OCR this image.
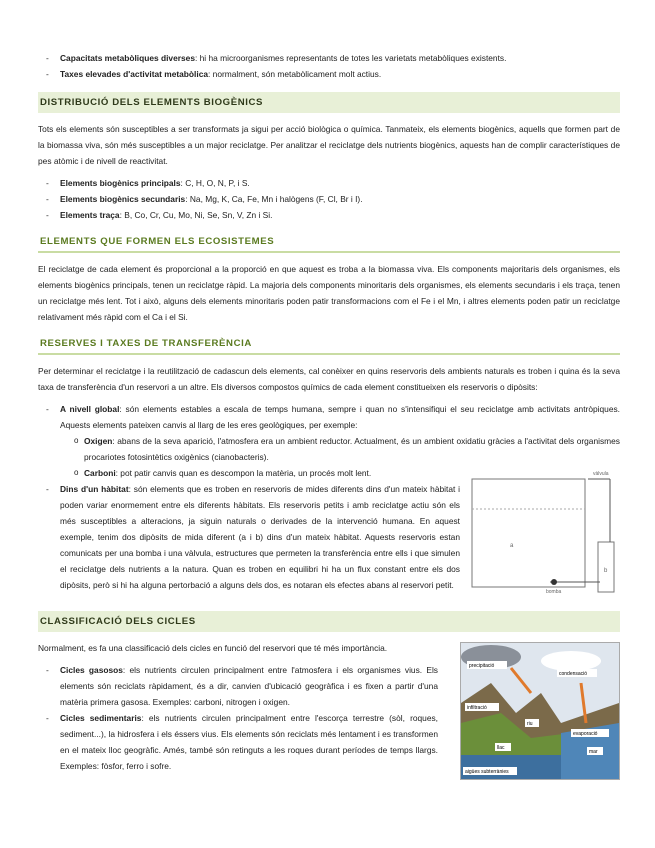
- Capacitats metabòliques diverses: hi ha microorganismes representants de totes les varietats metabòliques existents.
- Taxes elevades d'activitat metabòlica: normalment, són metabòlicament molt actius.
DISTRIBUCIÓ DELS ELEMENTS BIOGÈNICS

Tots els elements són susceptibles a ser transformats ja sigui per acció biològica o química. Tanmateix, els elements biogènics, aquells que formen part de la biomassa viva, són més susceptibles a un major reciclatge. Per analitzar el reciclatge dels nutrients biogènics, aquests han de complir característiques de pes atòmic i de nivell de reactivitat.

- Elements biogènics principals: C, H, O, N, P, i S.
- Elements biogènics secundaris: Na, Mg, K, Ca, Fe, Mn i halògens (F, Cl, Br i I).
- Elements traça: B, Co, Cr, Cu, Mo, Ni, Se, Sn, V, Zn i Si.
ELEMENTS QUE FORMEN ELS ECOSISTEMES

El reciclatge de cada element és proporcional a la proporció en que aquest es troba a la biomassa viva. Els components majoritaris dels organismes, els elements biogènics principals, tenen un reciclatge ràpid. La majoria dels components minoritaris dels organismes, els elements secundaris i els traça, tenen un reciclatge més lent. Tot i això, alguns dels elements minoritaris poden patir transformacions com el Fe i el Mn, i altres elements poden patir un reciclatge relativament més ràpid com el Ca i el Si.

RESERVES I TAXES DE TRANSFERÈNCIA

Per determinar el reciclatge i la reutilització de cadascun dels elements, cal conèixer en quins reservoris dels ambients naturals es troben i quina és la seva taxa de transferència d'un reservori a un altre. Els diversos compostos químics de cada element constitueixen els reservoris o dipòsits:

- A nivell global: són elements estables a escala de temps humana, sempre i quan no s'intensifiqui el seu reciclatge amb activitats antròpiques. Aquests elements pateixen canvis al llarg de les eres geològiques, per exemple:
o Oxigen: abans de la seva aparició, l'atmosfera era un ambient reductor. Actualment, és un ambient oxidatiu gràcies a l'activitat dels organismes procariotes fotosintètics oxigènics (cianobacteris).
o Carboni: pot patir canvis quan es descompon la matèria, un procés molt lent.
- Dins d'un hàbitat: són elements que es troben en reservoris de mides diferents dins d'un mateix hàbitat i poden variar enormement entre els diferents hàbitats. Els reservoris petits i amb reciclatge actiu són els més susceptibles a alteracions, ja siguin naturals o derivades de la intervenció humana. En aquest exemple, tenim dos dipòsits de mida diferent (a i b) dins d'un mateix hàbitat. Aquests reservoris estan comunicats per una bomba i una vàlvula, estructures que permeten la transferència entre ells i que simulen el reciclatge dels nutrients a la natura. Quan es troben en equilibri hi ha un flux constant entre els dos dipòsits, però si hi ha alguna pertorbació a alguns dels dos, es notaran els efectes abans al reservori petit.
a
b
vàlvula
bomba
CLASSIFICACIÓ DELS CICLES

Normalment, es fa una classificació dels cicles en funció del reservori que té més importància.

- Cicles gasosos: els nutrients circulen principalment entre l'atmosfera i els organismes vius. Els elements són reciclats ràpidament, és a dir, canvien d'ubicació geogràfica i es fixen a partir d'una matèria primera gasosa. Exemples: carboni, nitrogen i oxigen.
- Cicles sedimentaris: els nutrients circulen principalment entre l'escorça terrestre (sòl, roques, sediment...), la hidrosfera i els éssers vius. Els elements són reciclats més lentament i es transformen en el mateix lloc geogràfic. Amés, també són retinguts a les roques durant períodes de temps llargs. Exemples: fòsfor, ferro i sofre.
precipitació
condensació
infiltració
evaporació
riu
mar
llac
aigües subterrànies
